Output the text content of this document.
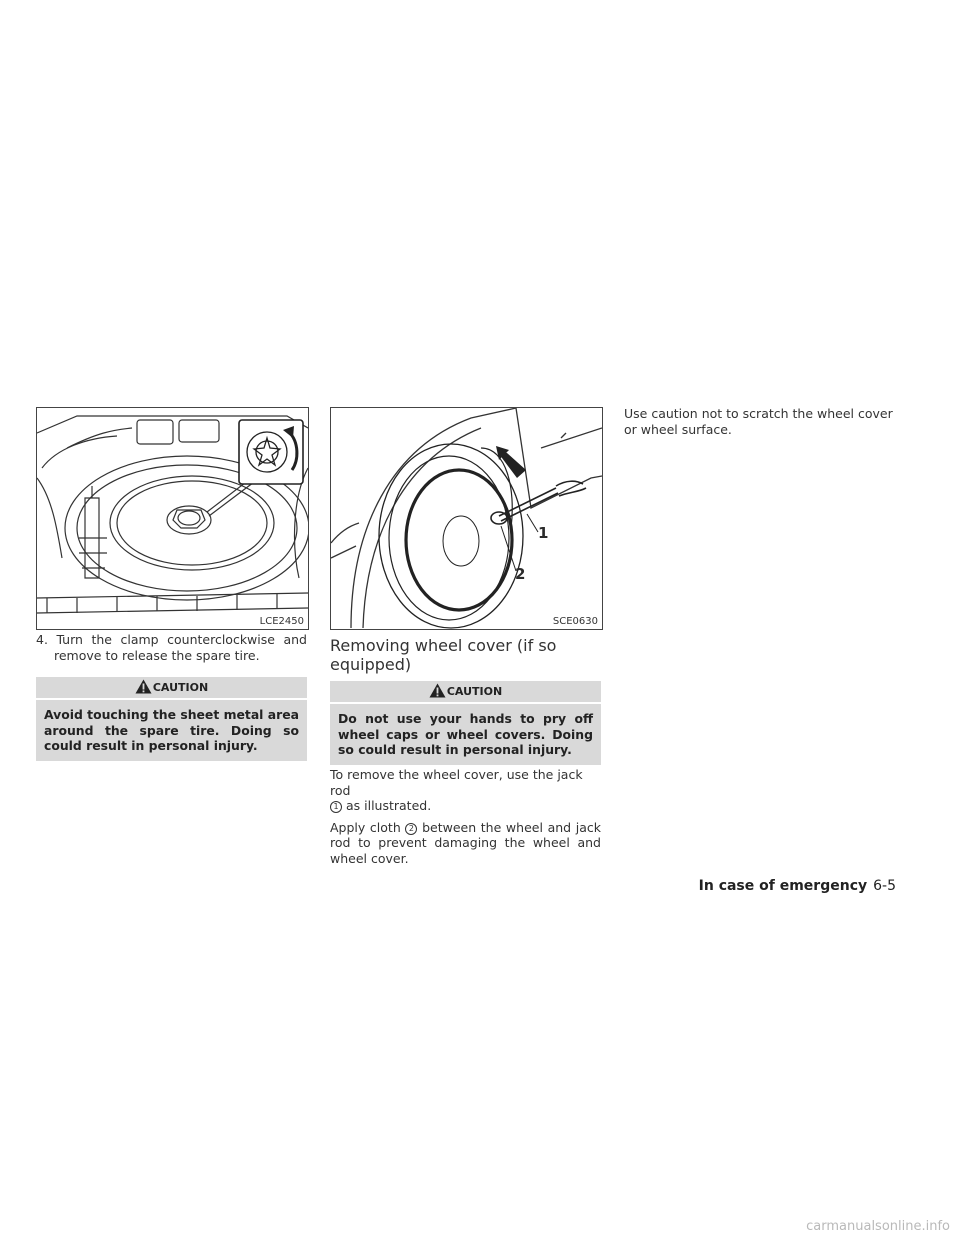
LCE2450
1
2
SCE0630

4. Turn the clamp counterclockwise and remove to release the spare tire.

CAUTION
Avoid touching the sheet metal area around the spare tire. Doing so could result in personal injury.
Removing wheel cover (if so equipped)
CAUTION
Do not use your hands to pry off wheel caps or wheel covers. Doing so could result in personal injury.

To remove the wheel cover, use the jack rod
1 as illustrated.

Apply cloth 2 between the wheel and jack rod to prevent damaging the wheel and wheel cover.

Use caution not to scratch the wheel cover or wheel surface.

In case of emergency 6-5
carmanualsonline.info
